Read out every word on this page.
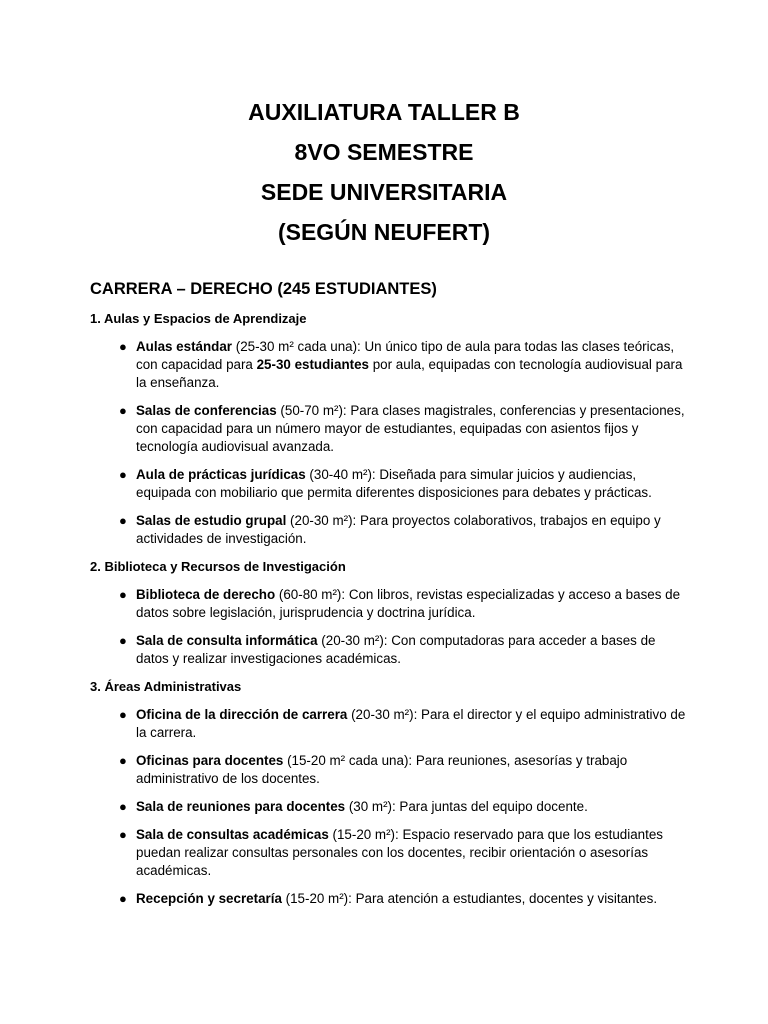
AUXILIATURA TALLER B
8VO SEMESTRE
SEDE UNIVERSITARIA
(SEGÚN NEUFERT)
CARRERA – DERECHO (245 ESTUDIANTES)
1. Aulas y Espacios de Aprendizaje
● Aulas estándar (25-30 m² cada una): Un único tipo de aula para todas las clases teóricas, con capacidad para 25-30 estudiantes por aula, equipadas con tecnología audiovisual para la enseñanza.
● Salas de conferencias (50-70 m²): Para clases magistrales, conferencias y presentaciones, con capacidad para un número mayor de estudiantes, equipadas con asientos fijos y tecnología audiovisual avanzada.
● Aula de prácticas jurídicas (30-40 m²): Diseñada para simular juicios y audiencias, equipada con mobiliario que permita diferentes disposiciones para debates y prácticas.
● Salas de estudio grupal (20-30 m²): Para proyectos colaborativos, trabajos en equipo y actividades de investigación.
2. Biblioteca y Recursos de Investigación
● Biblioteca de derecho (60-80 m²): Con libros, revistas especializadas y acceso a bases de datos sobre legislación, jurisprudencia y doctrina jurídica.
● Sala de consulta informática (20-30 m²): Con computadoras para acceder a bases de datos y realizar investigaciones académicas.
3. Áreas Administrativas
● Oficina de la dirección de carrera (20-30 m²): Para el director y el equipo administrativo de la carrera.
● Oficinas para docentes (15-20 m² cada una): Para reuniones, asesorías y trabajo administrativo de los docentes.
● Sala de reuniones para docentes (30 m²): Para juntas del equipo docente.
● Sala de consultas académicas (15-20 m²): Espacio reservado para que los estudiantes puedan realizar consultas personales con los docentes, recibir orientación o asesorías académicas.
● Recepción y secretaría (15-20 m²): Para atención a estudiantes, docentes y visitantes.
